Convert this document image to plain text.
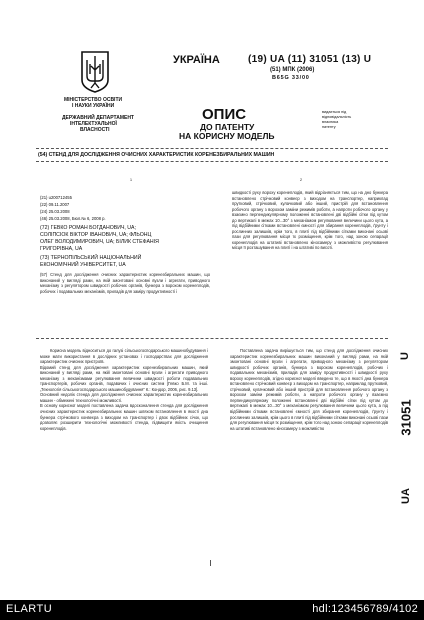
МІНІСТЕРСТВО ОСВІТИ
І НАУКИ УКРАЇНИ
ДЕРЖАВНИЙ ДЕПАРТАМЕНТ
ІНТЕЛЕКТУАЛЬНОЇ
ВЛАСНОСТІ
УКРАЇНА	(19) UA (11) 31051 (13) U
(51) МПК (2006)
B65G 33/00
видається під
відповідальність
власника
патенту
ОПИС
ДО ПАТЕНТУ
НА КОРИСНУ МОДЕЛЬ
(54) СТЕНД ДЛЯ ДОСЛІДЖЕННЯ ОЧИСНИХ ХАРАКТЕРИСТИК КОРЕНЕЗБИРАЛЬНИХ МАШИН
1	2
(21) u200712455
(22) 09.11.2007
(24) 25.03.2008
(46) 25.03.2008, Бюл.№ 6, 2008 р.
(72) ГЕВКО РОМАН БОГДАНОВИЧ, UA;
СОЛІПСІОК ВІКТОР ІВАНОВИЧ, UA; ФЛЬОНЦ
ОЛЕГ ВОЛОДИМИРОВИЧ, UA; БІЛИК СТЕФАНІЯ
ГРИГОРІВНА, UA
(73) ТЕРНОПІЛЬСЬКИЙ НАЦІОНАЛЬНИЙ
ЕКОНОМІЧНИЙ УНІВЕРСИТЕТ, UA
(57) Стенд для дослідження очисних характеристик коренезбиральних машин, що виконаний у вигляді рами, на якій змонтовані основні вузли і агрегати, приводного механізму з регулятором швидкості робочих органів, бункера з ворохом коренеплодів, робочих і подавальних механізмів, приладів для заміру продуктивності і
швидкості руху вороху коренеплодів, який відрізняється тим, що на дно бункера встановлено стрічковий конвеєр з виходом на транспортер, наприклад прутковий, стрічковий, кулачковий або інший, пристрій для встановлення робочого органу з ворохом заміни режимів роботи, а напроти робочого органу у взаємно перпендикулярному положенні встановлені дві відбійні сітки під кутом до вертикалі в межах 10...30° з механізмом регулювання величини цього кута, а під відбійними сітками встановлені ємності для збирання коренеплодів, ґрунту і рослинних залишків, крім того, в плиті під відбійними сітками виконані осьові пази для регулювання місця їх розміщення, крім того, над зоною сепарації коренеплодів на штативі встановлено кіносамеру з можливістю регулювання місця її розташування на плиті і на штативі по висоті.
Корисна модель відноситься до галузі сільськогосподарського машинобудування і може мати використання в дослідних установах і господарствах для дослідження характеристик очисних пристроїв.
Відомий стенд для дослідження характеристик коренезбиральних машин, який виконаний у вигляді рами, на якій змонтовані основні вузли і агрегати приводного механізму з механізмами регулювання величини швидкості роботи подавальних транспортерів, робочих органів, подавачих і очисних систем [Гевко Б.М. та інші. „Технологія сільськогосподарського машинобудування” К.: Кондор, 2006, рис. 9.13].
Основний недолік стенда для дослідження очисних характеристик коренезбиральних машин - обмежені технологічні можливості.
В основу корисної моделі поставлена задача вдосконалення стенда для дослідження очисних характеристик коренезбиральних машин шляхом встановлення в якості дна бункера стрічкового конвеєра з виходом на транспортер і двох відбійних січок, що дозволяє розширити технологічні можливості стенда, підвищити якість очищення коренеплодів.
Поставлена задача вирішується тим, що стенд для дослідження очисних характеристик коренезбиральних машин виконаний у вигляді рами, на якій змонтовані основні вузли і агрегати, приводного механізму з регулятором швидкості робочих органів, бункера з ворохом коренеплодів, робочих і подавальних механізмів, приладів для заміру продуктивності і швидкості руху вороху коренеплодів, згідно корисної моделі введено те, що в якості дна бункера встановлено стрічковий конвеєр з виходом на транспортер, наприклад прутковий, стрічковий, кулачковий або інший пристрій для встановлення робочого органу з ворохом заміни режимів роботи, а напроти робочого органу у взаємно перпендикулярному положенні встановлені дві відбійні сітки під кутом до вертикалі в межах 10...30° з механізмом регулювання величини цього кута, а під відбійними сітками встановлені ємності для збирання коренеплодів, ґрунту і рослинних залишків, крім цього в плиті під відбійними сітками виконані осьові пази для регулювання місця їх розміщення, крім того над зоною сепарації коренеплодів на штативі встановлено кіносамеру з можливістю
U
31051
UA
ELARTU	hdl:123456789/4102
